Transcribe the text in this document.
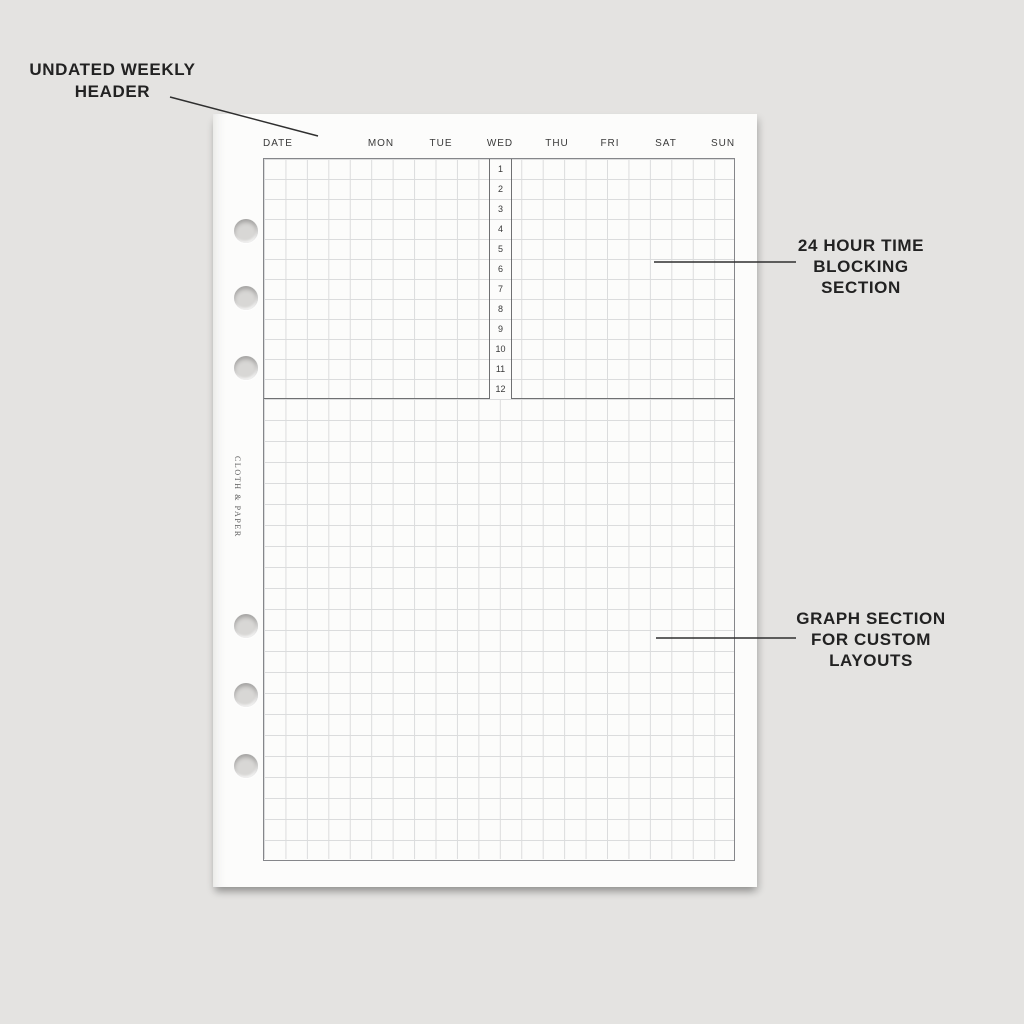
CLOTH & PAPER
DATE	MON	TUE	WED	THU	FRI	SAT	SUN
1
2
3
4
5
6
7
8
9
10
11
12
UNDATED WEEKLY
HEADER
24 HOUR TIME
BLOCKING
SECTION
GRAPH SECTION
FOR CUSTOM
LAYOUTS
